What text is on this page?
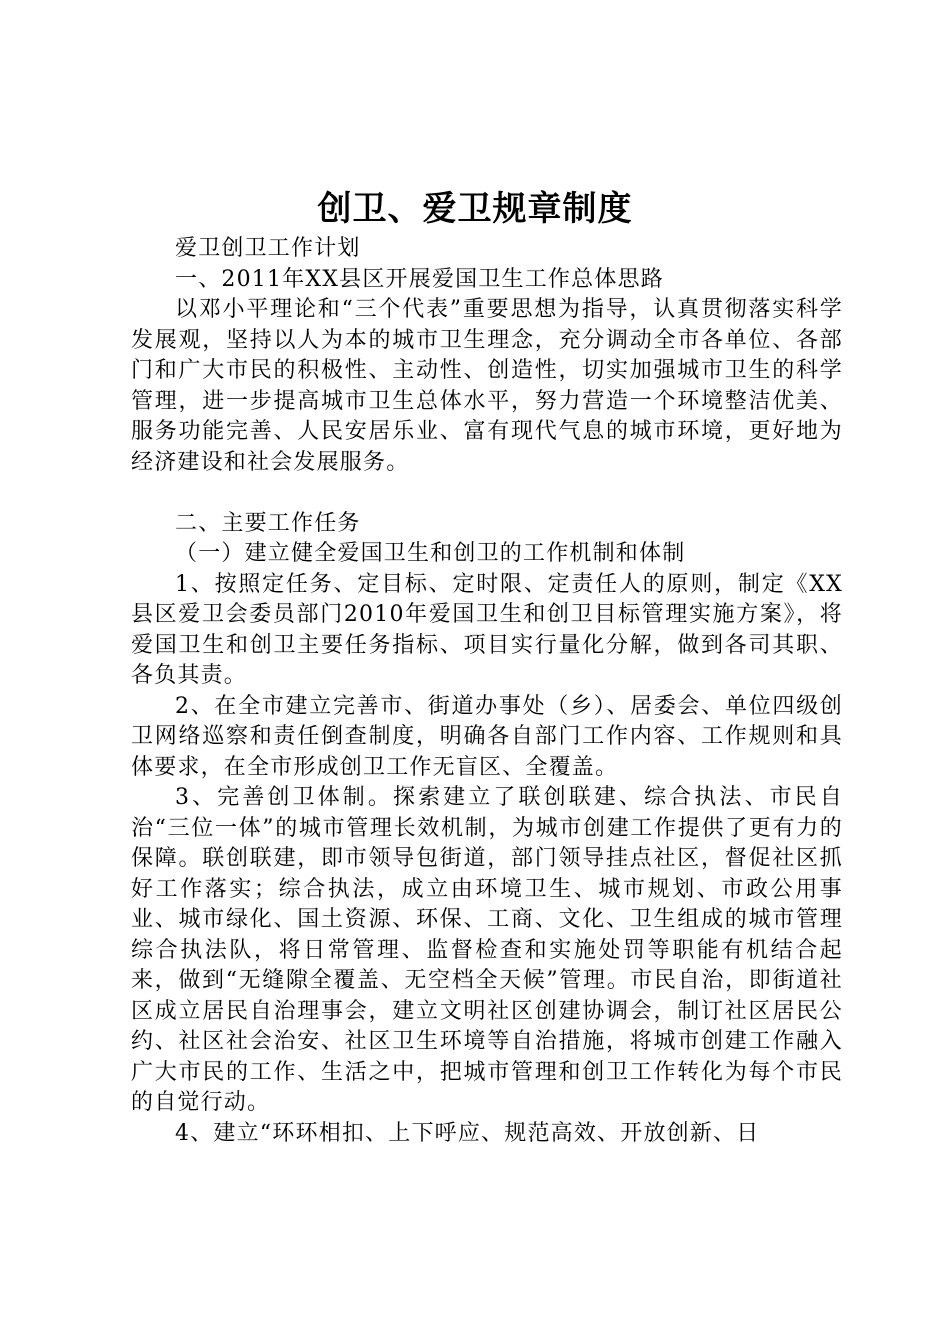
创卫、爱卫规章制度

爱卫创卫工作计划

一、2011年XX县区开展爱国卫生工作总体思路

以邓小平理论和“三个代表”重要思想为指导，认真贯彻落实科学发展观，坚持以人为本的城市卫生理念，充分调动全市各单位、各部门和广大市民的积极性、主动性、创造性，切实加强城市卫生的科学管理，进一步提高城市卫生总体水平，努力营造一个环境整洁优美、服务功能完善、人民安居乐业、富有现代气息的城市环境，更好地为经济建设和社会发展服务。

二、主要工作任务

（一）建立健全爱国卫生和创卫的工作机制和体制

1、按照定任务、定目标、定时限、定责任人的原则，制定《XX县区爱卫会委员部门2010年爱国卫生和创卫目标管理实施方案》，将爱国卫生和创卫主要任务指标、项目实行量化分解，做到各司其职、各负其责。

2、在全市建立完善市、街道办事处（乡）、居委会、单位四级创卫网络巡察和责任倒查制度，明确各自部门工作内容、工作规则和具体要求，在全市形成创卫工作无盲区、全覆盖。

3、完善创卫体制。探索建立了联创联建、综合执法、市民自治“三位一体”的城市管理长效机制，为城市创建工作提供了更有力的保障。联创联建，即市领导包街道，部门领导挂点社区，督促社区抓好工作落实；综合执法，成立由环境卫生、城市规划、市政公用事业、城市绿化、国土资源、环保、工商、文化、卫生组成的城市管理综合执法队，将日常管理、监督检查和实施处罚等职能有机结合起来，做到“无缝隙全覆盖、无空档全天候”管理。市民自治，即街道社区成立居民自治理事会，建立文明社区创建协调会，制订社区居民公约、社区社会治安、社区卫生环境等自治措施，将城市创建工作融入广大市民的工作、生活之中，把城市管理和创卫工作转化为每个市民的自觉行动。

4、建立“环环相扣、上下呼应、规范高效、开放创新、日
